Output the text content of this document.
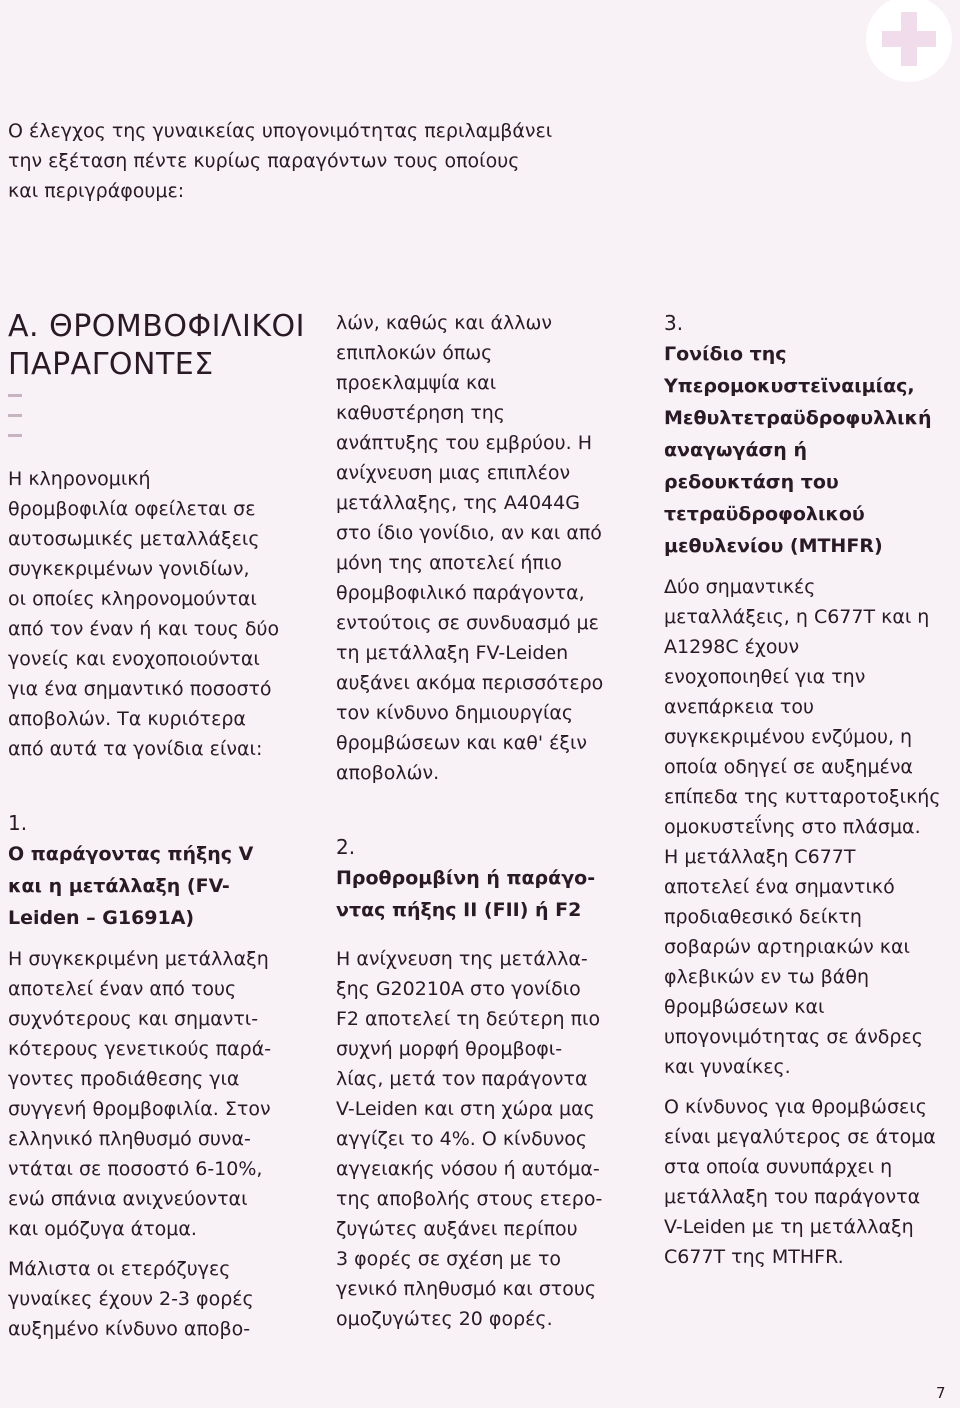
Ο έλεγχος της γυναικείας υπογονιμότητας περιλαμβάνει
την εξέταση πέντε κυρίως παραγόντων τους οποίους
και περιγράφουμε:

Α. ΘΡΟΜΒΟΦΙΛΙΚΟΙ
ΠΑΡΑΓΟΝΤΕΣ

Η κληρονομική
θρομβοφιλία οφείλεται σε
αυτοσωμικές μεταλλάξεις
συγκεκριμένων γονιδίων,
οι οποίες κληρονομούνται
από τον έναν ή και τους δύο
γονείς και ενοχοποιούνται
για ένα σημαντικό ποσοστό
αποβολών. Τα κυριότερα
από αυτά τα γονίδια είναι:

1.

Ο παράγοντας πήξης V
και η μετάλλαξη (FV-
Leiden – G1691A)

Η συγκεκριμένη μετάλλαξη
αποτελεί έναν από τους
συχνότερους και σημαντι-
κότερους γενετικούς παρά-
γοντες προδιάθεσης για
συγγενή θρομβοφιλία. Στον
ελληνικό πληθυσμό συνα-
ντάται σε ποσοστό 6-10%,
ενώ σπάνια ανιχνεύονται
και ομόζυγα άτομα.

Μάλιστα οι ετερόζυγες
γυναίκες έχουν 2-3 φορές
αυξημένο κίνδυνο αποβο-

λών, καθώς και άλλων
επιπλοκών όπως
προεκλαμψία και
καθυστέρηση της
ανάπτυξης του εμβρύου. Η
ανίχνευση μιας επιπλέον
μετάλλαξης, της A4044G
στο ίδιο γονίδιο, αν και από
μόνη της αποτελεί ήπιο
θρομβοφιλικό παράγοντα,
εντούτοις σε συνδυασμό με
τη μετάλλαξη FV-Leiden
αυξάνει ακόμα περισσότερο
τον κίνδυνο δημιουργίας
θρομβώσεων και καθ' έξιν
αποβολών.

2.

Προθρομβίνη ή παράγο-
ντας πήξης ΙΙ (FII) ή F2

Η ανίχνευση της μετάλλα-
ξης G20210A στο γονίδιο
F2 αποτελεί τη δεύτερη πιο
συχνή μορφή θρομβοφι-
λίας, μετά τον παράγοντα
V-Leiden και στη χώρα μας
αγγίζει το 4%. Ο κίνδυνος
αγγειακής νόσου ή αυτόμα-
της αποβολής στους ετερο-
ζυγώτες αυξάνει περίπου
3 φορές σε σχέση με το
γενικό πληθυσμό και στους
ομοζυγώτες 20 φορές.

3.

Γονίδιο της
Υπερομοκυστεϊναιμίας,
Μεθυλτετραϋδροφυλλική
αναγωγάση ή
ρεδουκτάση του
τετραϋδροφολικού
μεθυλενίου (MTHFR)

Δύο σημαντικές
μεταλλάξεις, η C677T και η
A1298C έχουν
ενοχοποιηθεί για την
ανεπάρκεια του
συγκεκριμένου ενζύμου, η
οποία οδηγεί σε αυξημένα
επίπεδα της κυτταροτοξικής
ομοκυστεΐνης στο πλάσμα.
Η μετάλλαξη C677T
αποτελεί ένα σημαντικό
προδιαθεσικό δείκτη
σοβαρών αρτηριακών και
φλεβικών εν τω βάθη
θρομβώσεων και
υπογονιμότητας σε άνδρες
και γυναίκες.

Ο κίνδυνος για θρομβώσεις
είναι μεγαλύτερος σε άτομα
στα οποία συνυπάρχει η
μετάλλαξη του παράγοντα
V-Leiden με τη μετάλλαξη
C677T της MTHFR.

7
